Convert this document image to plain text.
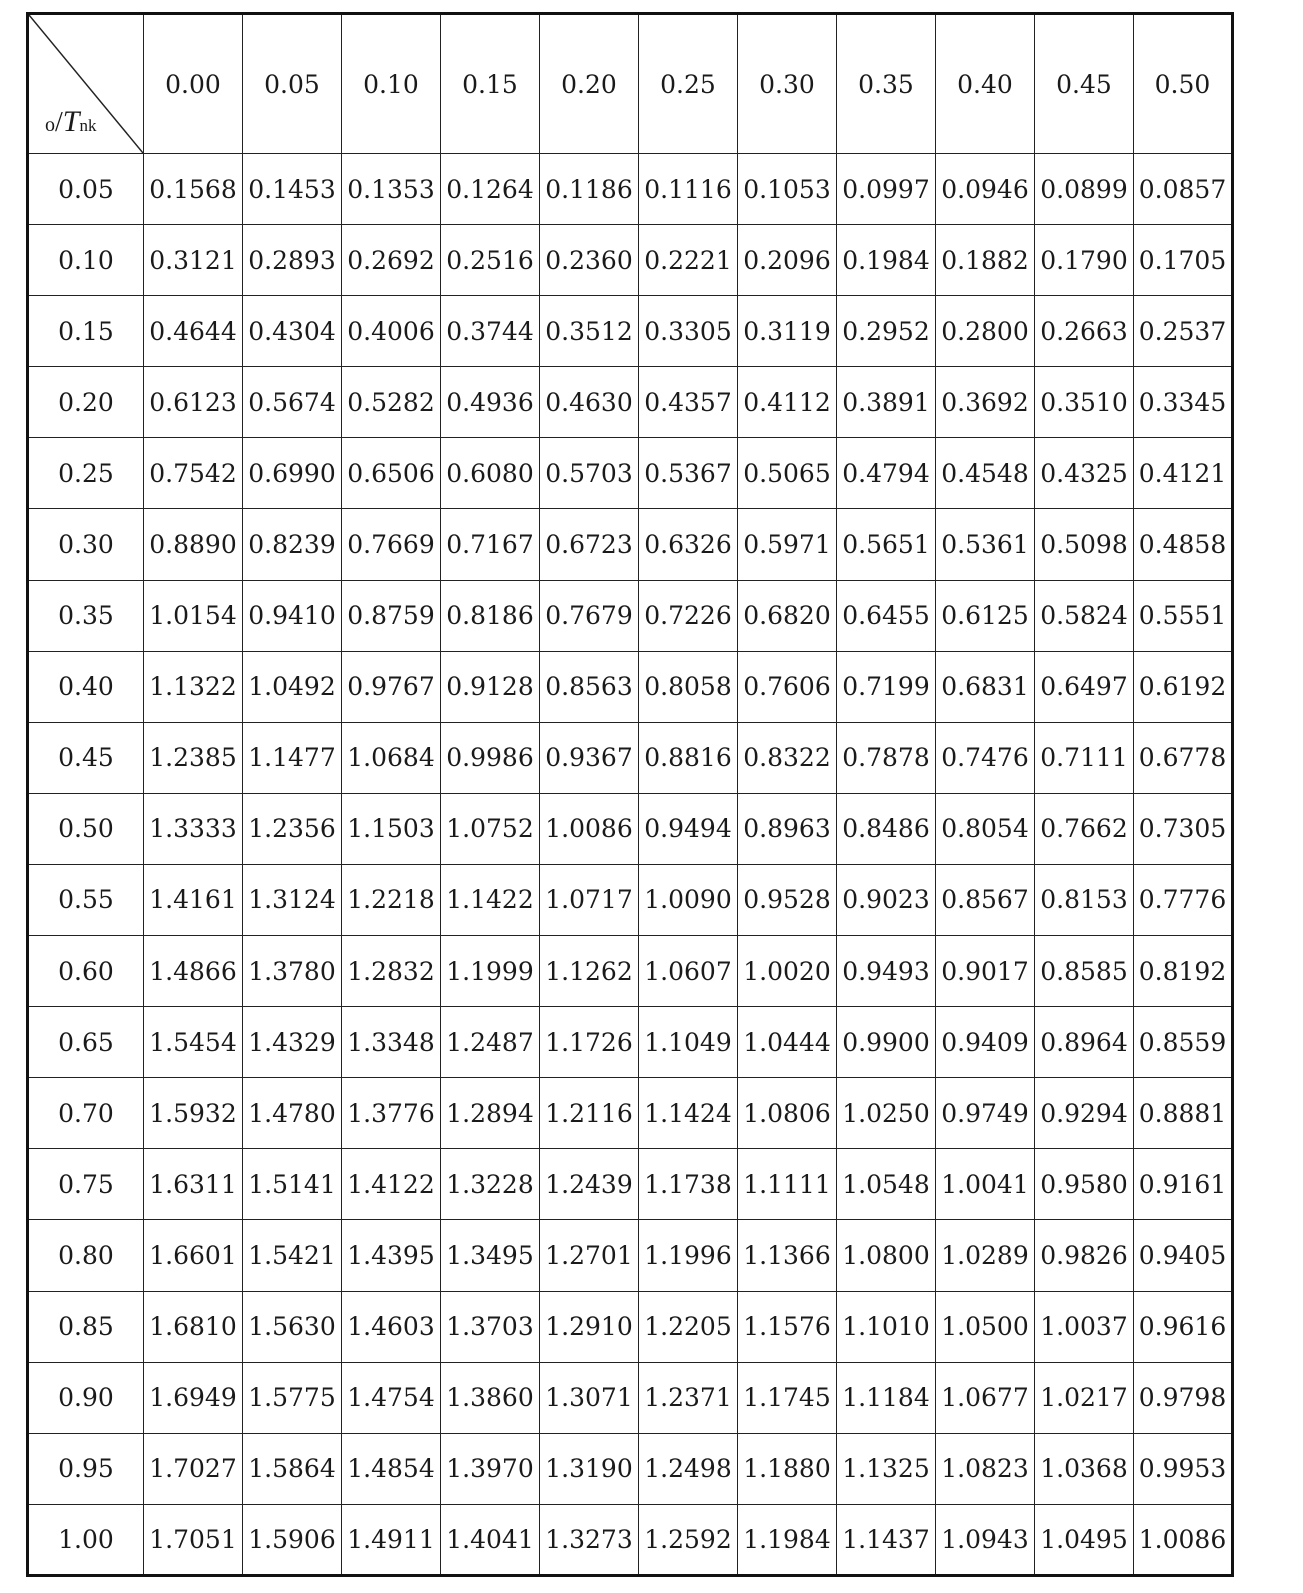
o/Tnk	0.00	0.05	0.10	0.15	0.20	0.25	0.30	0.35	0.40	0.45	0.50
0.05	0.1568	0.1453	0.1353	0.1264	0.1186	0.1116	0.1053	0.0997	0.0946	0.0899	0.0857
0.10	0.3121	0.2893	0.2692	0.2516	0.2360	0.2221	0.2096	0.1984	0.1882	0.1790	0.1705
0.15	0.4644	0.4304	0.4006	0.3744	0.3512	0.3305	0.3119	0.2952	0.2800	0.2663	0.2537
0.20	0.6123	0.5674	0.5282	0.4936	0.4630	0.4357	0.4112	0.3891	0.3692	0.3510	0.3345
0.25	0.7542	0.6990	0.6506	0.6080	0.5703	0.5367	0.5065	0.4794	0.4548	0.4325	0.4121
0.30	0.8890	0.8239	0.7669	0.7167	0.6723	0.6326	0.5971	0.5651	0.5361	0.5098	0.4858
0.35	1.0154	0.9410	0.8759	0.8186	0.7679	0.7226	0.6820	0.6455	0.6125	0.5824	0.5551
0.40	1.1322	1.0492	0.9767	0.9128	0.8563	0.8058	0.7606	0.7199	0.6831	0.6497	0.6192
0.45	1.2385	1.1477	1.0684	0.9986	0.9367	0.8816	0.8322	0.7878	0.7476	0.7111	0.6778
0.50	1.3333	1.2356	1.1503	1.0752	1.0086	0.9494	0.8963	0.8486	0.8054	0.7662	0.7305
0.55	1.4161	1.3124	1.2218	1.1422	1.0717	1.0090	0.9528	0.9023	0.8567	0.8153	0.7776
0.60	1.4866	1.3780	1.2832	1.1999	1.1262	1.0607	1.0020	0.9493	0.9017	0.8585	0.8192
0.65	1.5454	1.4329	1.3348	1.2487	1.1726	1.1049	1.0444	0.9900	0.9409	0.8964	0.8559
0.70	1.5932	1.4780	1.3776	1.2894	1.2116	1.1424	1.0806	1.0250	0.9749	0.9294	0.8881
0.75	1.6311	1.5141	1.4122	1.3228	1.2439	1.1738	1.1111	1.0548	1.0041	0.9580	0.9161
0.80	1.6601	1.5421	1.4395	1.3495	1.2701	1.1996	1.1366	1.0800	1.0289	0.9826	0.9405
0.85	1.6810	1.5630	1.4603	1.3703	1.2910	1.2205	1.1576	1.1010	1.0500	1.0037	0.9616
0.90	1.6949	1.5775	1.4754	1.3860	1.3071	1.2371	1.1745	1.1184	1.0677	1.0217	0.9798
0.95	1.7027	1.5864	1.4854	1.3970	1.3190	1.2498	1.1880	1.1325	1.0823	1.0368	0.9953
1.00	1.7051	1.5906	1.4911	1.4041	1.3273	1.2592	1.1984	1.1437	1.0943	1.0495	1.0086
